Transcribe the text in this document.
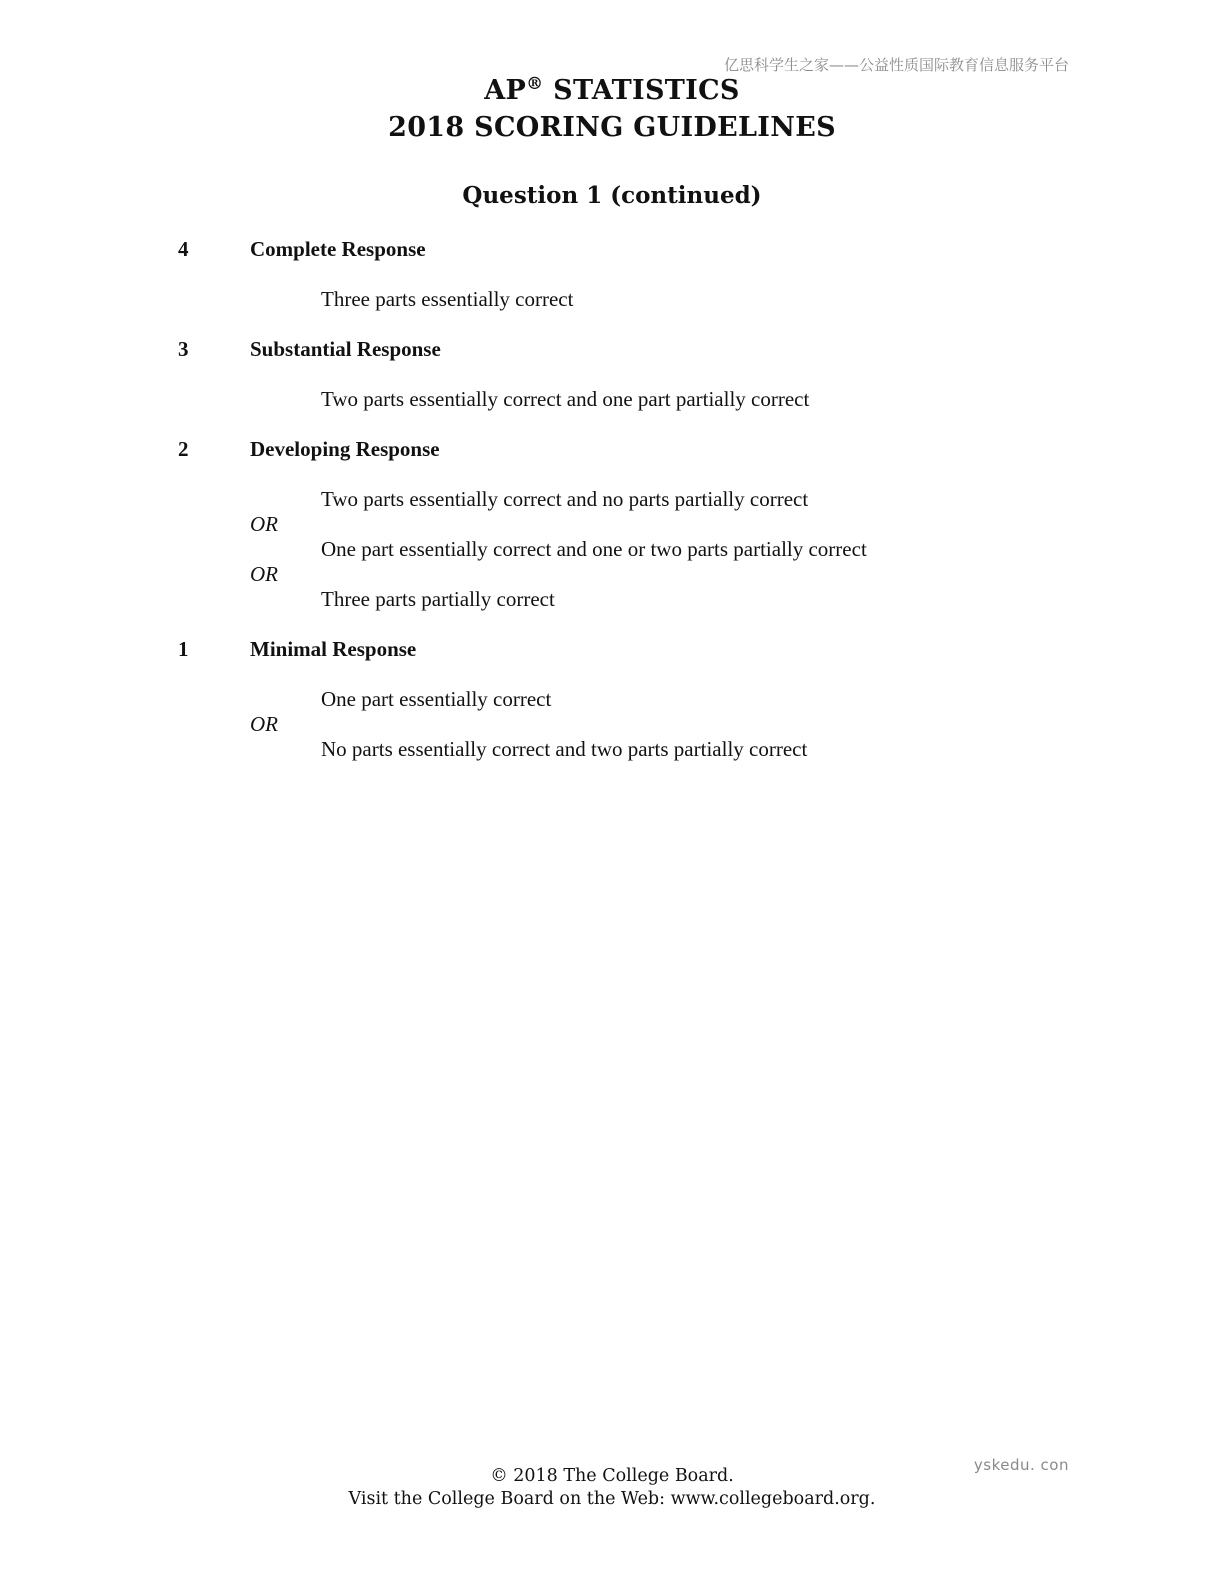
亿思科学生之家——公益性质国际教育信息服务平台
AP® STATISTICS
2018 SCORING GUIDELINES
Question 1 (continued)
4	Complete Response
Three parts essentially correct
3	Substantial Response
Two parts essentially correct and one part partially correct
2	Developing Response
Two parts essentially correct and no parts partially correct
OR
One part essentially correct and one or two parts partially correct
OR
Three parts partially correct
1	Minimal Response
One part essentially correct
OR
No parts essentially correct and two parts partially correct
yskedu. con
© 2018 The College Board.
Visit the College Board on the Web: www.collegeboard.org.
